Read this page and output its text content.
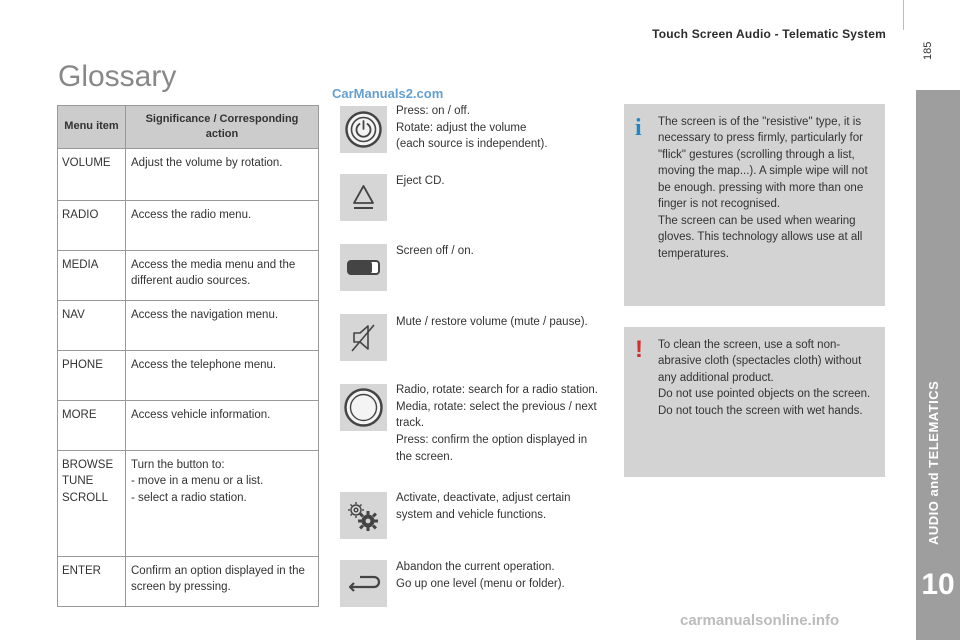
Touch Screen Audio - Telematic System
185
AUDIO and TELEMATICS
10
Glossary
CarManuals2.com
Menu item	Significance / Corresponding action
VOLUME	Adjust the volume by rotation.
RADIO	Access the radio menu.
MEDIA	Access the media menu and the different audio sources.
NAV	Access the navigation menu.
PHONE	Access the telephone menu.
MORE	Access vehicle information.
BROWSE
TUNE
SCROLL	Turn the button to:
- move in a menu or a list.
- select a radio station.
ENTER	Confirm an option displayed in the screen by pressing.
Press: on / off.
Rotate: adjust the volume
(each source is independent).
Eject CD.
Screen off / on.
Mute / restore volume (mute / pause).
Radio, rotate: search for a radio station.
Media, rotate: select the previous / next track.
Press: confirm the option displayed in the screen.
Activate, deactivate, adjust certain system and vehicle functions.
Abandon the current operation.
Go up one level (menu or folder).
i The screen is of the "resistive" type, it is necessary to press firmly, particularly for "flick" gestures (scrolling through a list, moving the map...). A simple wipe will not be enough. pressing with more than one finger is not recognised.
The screen can be used when wearing gloves. This technology allows use at all temperatures.
! To clean the screen, use a soft non-abrasive cloth (spectacles cloth) without any additional product.
Do not use pointed objects on the screen.
Do not touch the screen with wet hands.
carmanualsonline.info
